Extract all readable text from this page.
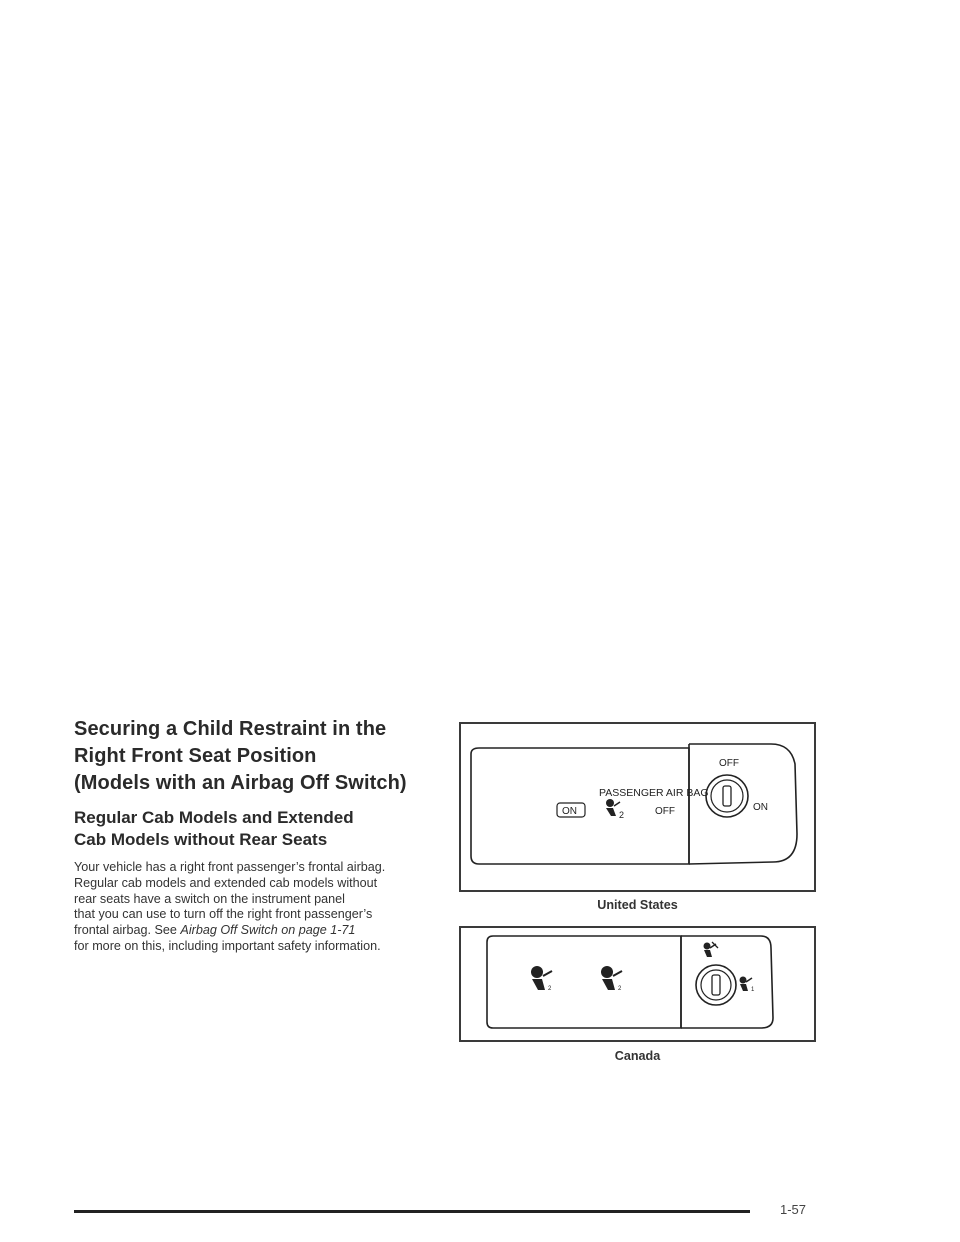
Securing a Child Restraint in the
Right Front Seat Position
(Models with an Airbag Off Switch)
Regular Cab Models and Extended
Cab Models without Rear Seats

Your vehicle has a right front passenger’s frontal airbag.
Regular cab models and extended cab models without
rear seats have a switch on the instrument panel
that you can use to turn off the right front passenger’s
frontal airbag. See Airbag Off Switch on page 1-71
for more on this, including important safety information.

PASSENGER AIR BAG
ON	2	OFF
OFF
ON
United States
2	2	1
Canada
1-57
